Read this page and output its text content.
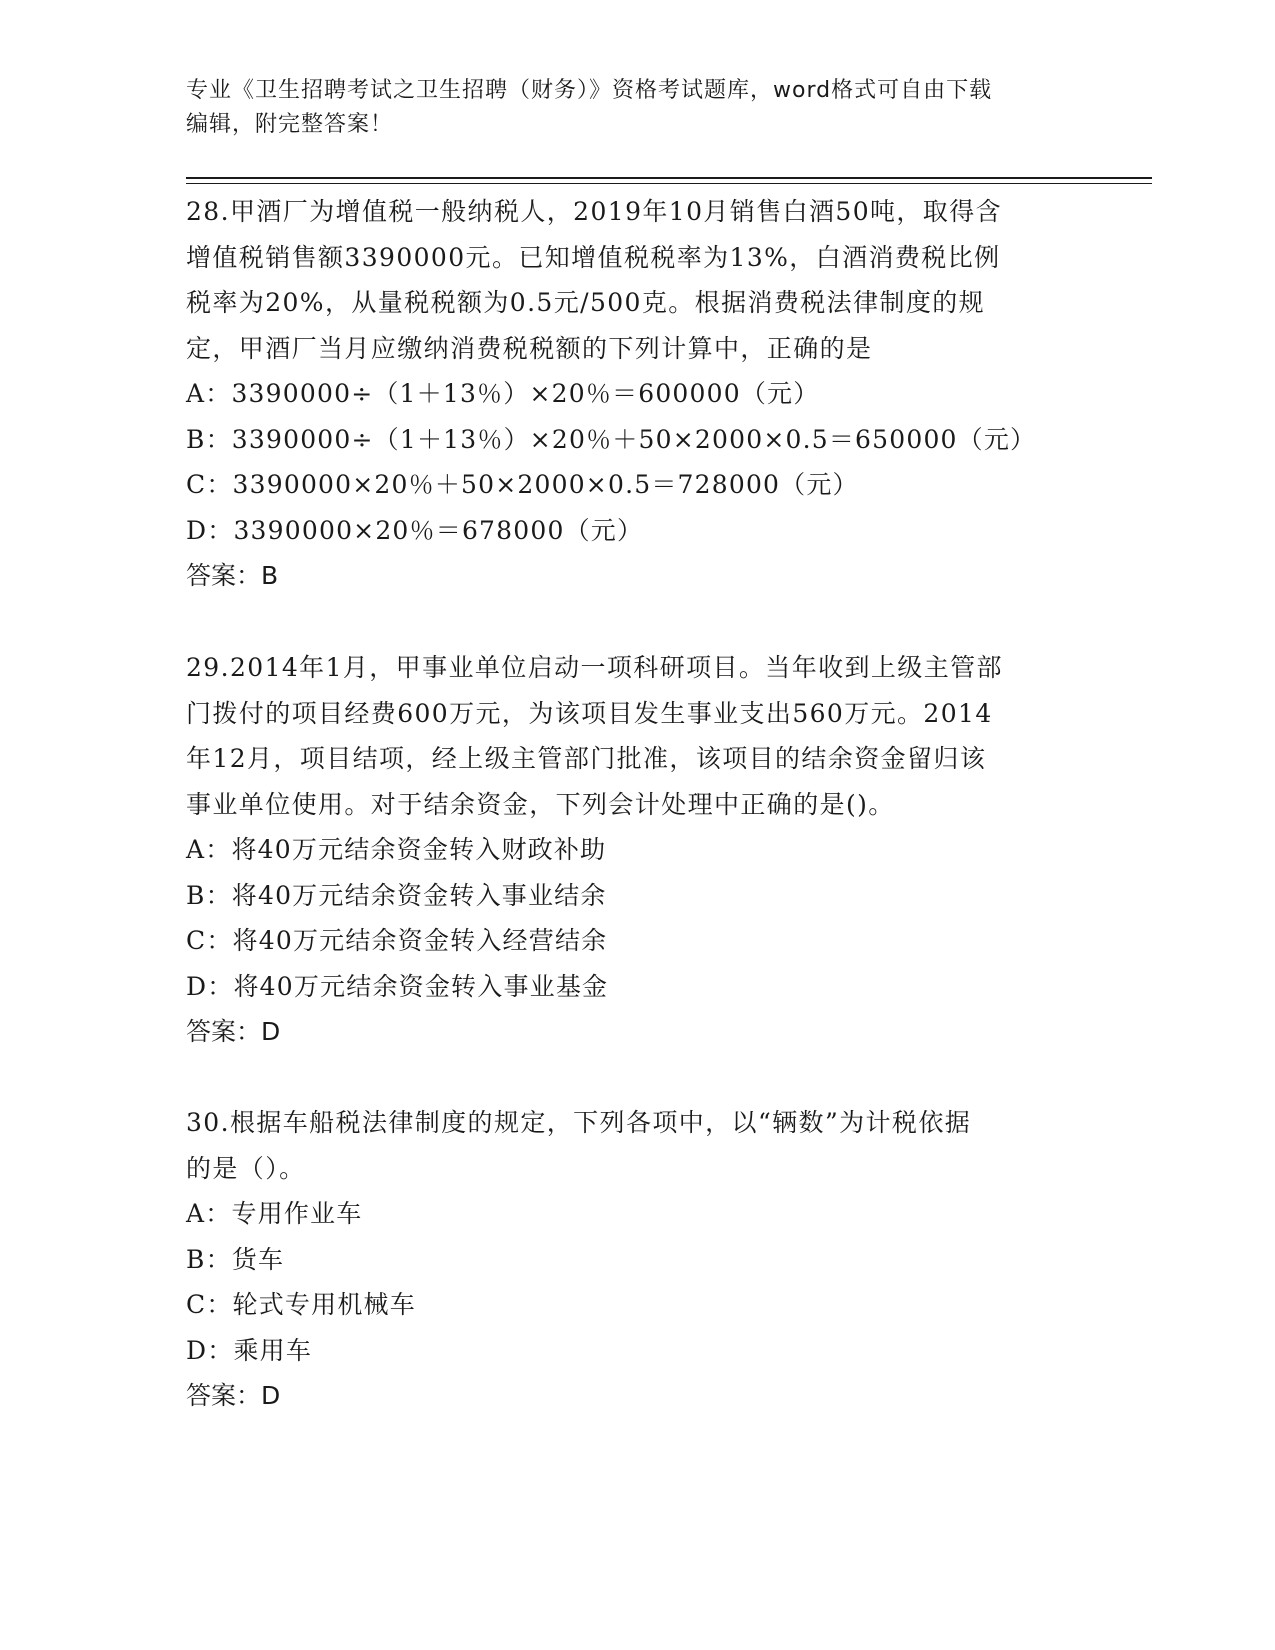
专业《卫生招聘考试之卫生招聘（财务）》资格考试题库，word格式可自由下载
编辑，附完整答案！

28.甲酒厂为增值税一般纳税人，2019年10月销售白酒50吨，取得含

增值税销售额3390000元。已知增值税税率为13%，白酒消费税比例

税率为20%，从量税税额为0.5元/500克。根据消费税法律制度的规

定，甲酒厂当月应缴纳消费税税额的下列计算中，正确的是

A：3390000÷（1＋13％）×20％＝600000（元）

B：3390000÷（1＋13％）×20％＋50×2000×0.5＝650000（元）

C：3390000×20％＋50×2000×0.5＝728000（元）

D：3390000×20％＝678000（元）

答案：B

29.2014年1月，甲事业单位启动一项科研项目。当年收到上级主管部

门拨付的项目经费600万元，为该项目发生事业支出560万元。2014

年12月，项目结项，经上级主管部门批准，该项目的结余资金留归该

事业单位使用。对于结余资金，下列会计处理中正确的是()。

A：将40万元结余资金转入财政补助

B：将40万元结余资金转入事业结余

C：将40万元结余资金转入经营结余

D：将40万元结余资金转入事业基金

答案：D

30.根据车船税法律制度的规定，下列各项中，以“辆数”为计税依据

的是（）。

A：专用作业车

B：货车

C：轮式专用机械车

D：乘用车

答案：D
